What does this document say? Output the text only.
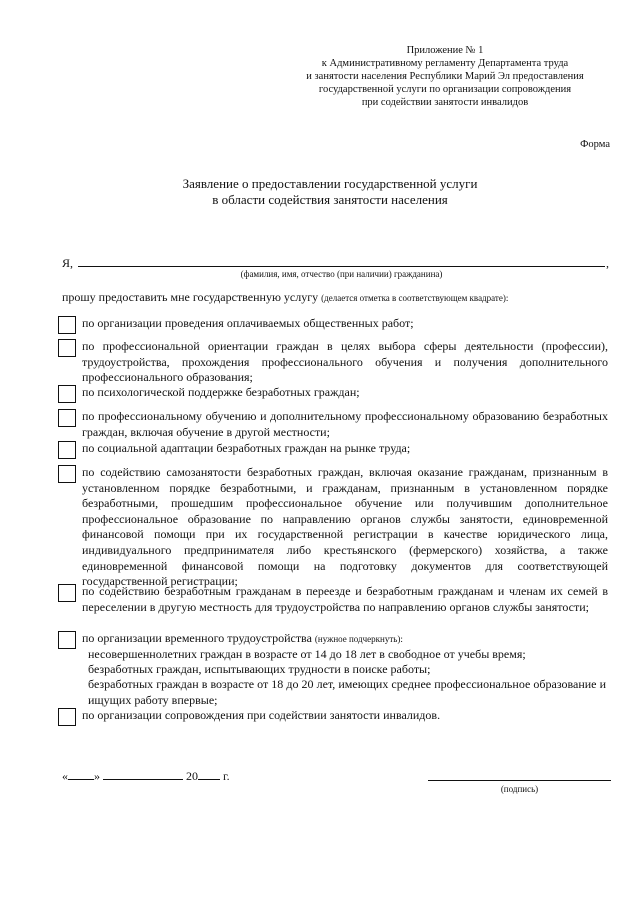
Приложение № 1
к Административному регламенту Департамента труда
и занятости населения Республики Марий Эл предоставления
государственной услуги по организации сопровождения
при содействии занятости инвалидов
Форма
Заявление о предоставлении государственной услуги
в области содействия занятости населения
Я,	,
(фамилия, имя, отчество (при наличии) гражданина)
прошу предоставить мне государственную услугу (делается отметка в соответствующем квадрате):
по организации проведения оплачиваемых общественных работ;
по профессиональной ориентации граждан в целях выбора сферы деятельности (профессии), трудоустройства, прохождения профессионального обучения и получения дополнительного профессионального образования;
по психологической поддержке безработных граждан;
по профессиональному обучению и дополнительному профессиональному образованию безработных граждан, включая обучение в другой местности;
по социальной адаптации безработных граждан на рынке труда;
по содействию самозанятости безработных граждан, включая оказание гражданам, признанным в установленном порядке безработными, и гражданам, признанным в установленном порядке безработными, прошедшим профессиональное обучение или получившим дополнительное профессиональное образование по направлению органов службы занятости, единовременной финансовой помощи при их государственной регистрации в качестве юридического лица, индивидуального предпринимателя либо крестьянского (фермерского) хозяйства, а также единовременной финансовой помощи на подготовку документов для соответствующей государственной регистрации;
по содействию безработным гражданам в переезде и безработным гражданам и членам их семей в переселении в другую местность для трудоустройства по направлению органов службы занятости;
по организации временного трудоустройства (нужное подчеркнуть):
несовершеннолетних граждан в возрасте от 14 до 18 лет в свободное от учебы время;
безработных граждан, испытывающих трудности в поиске работы;
безработных граждан в возрасте от 18 до 20 лет, имеющих среднее профессиональное образование и ищущих работу впервые;
по организации сопровождения при содействии занятости инвалидов.
« »	20 г.
(подпись)
